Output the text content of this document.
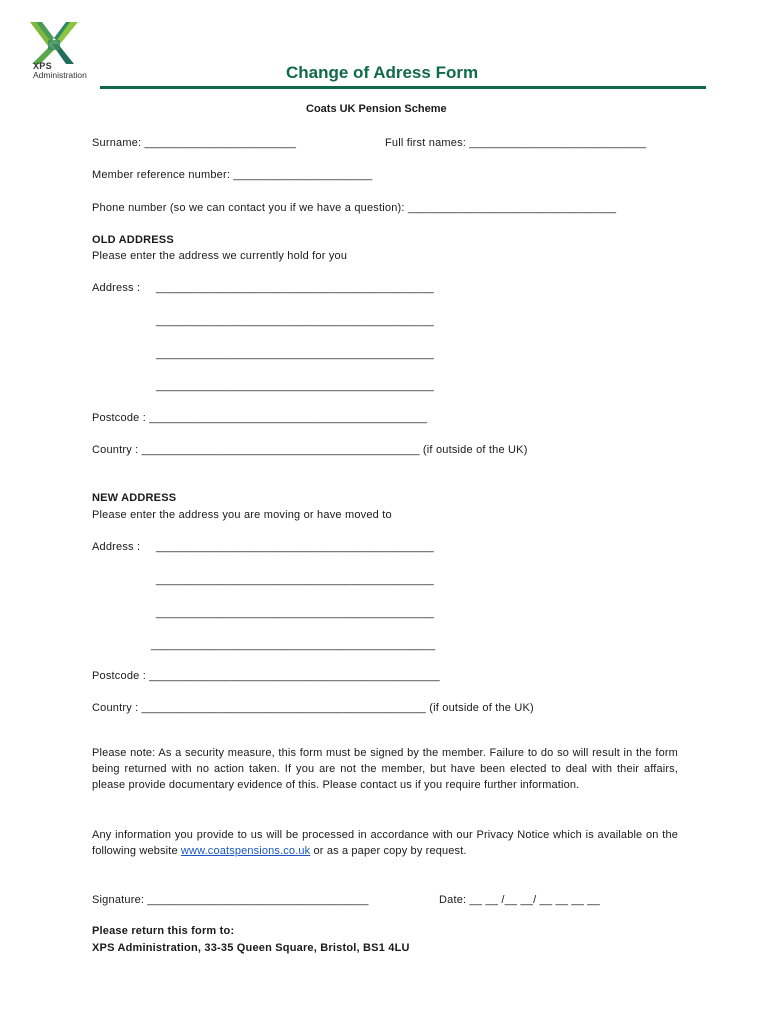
XPS
Administration	Change of Adress Form
Coats UK Pension Scheme
Surname: ________________________	Full first names: ____________________________
Member reference number: ______________________
Phone number (so we can contact you if we have a question): _________________________________
OLD ADDRESS
Please enter the address we currently hold for you
Address : ____________________________________________
____________________________________________
____________________________________________
____________________________________________
Postcode : ____________________________________________
Country : ____________________________________________ (if outside of the UK)
NEW ADDRESS
Please enter the address you are moving or have moved to
Address : ____________________________________________
____________________________________________
____________________________________________
_____________________________________________
Postcode : ______________________________________________
Country : _____________________________________________ (if outside of the UK)
Please note: As a security measure, this form must be signed by the member. Failure to do so will result in the form being returned with no action taken. If you are not the member, but have been elected to deal with their affairs, please provide documentary evidence of this. Please contact us if you require further information.
Any information you provide to us will be processed in accordance with our Privacy Notice which is available on the following website www.coatspensions.co.uk or as a paper copy by request.
Signature: ___________________________________	Date: __ __ /__ __/ __ __ __ __
Please return this form to:
XPS Administration, 33-35 Queen Square, Bristol, BS1 4LU
